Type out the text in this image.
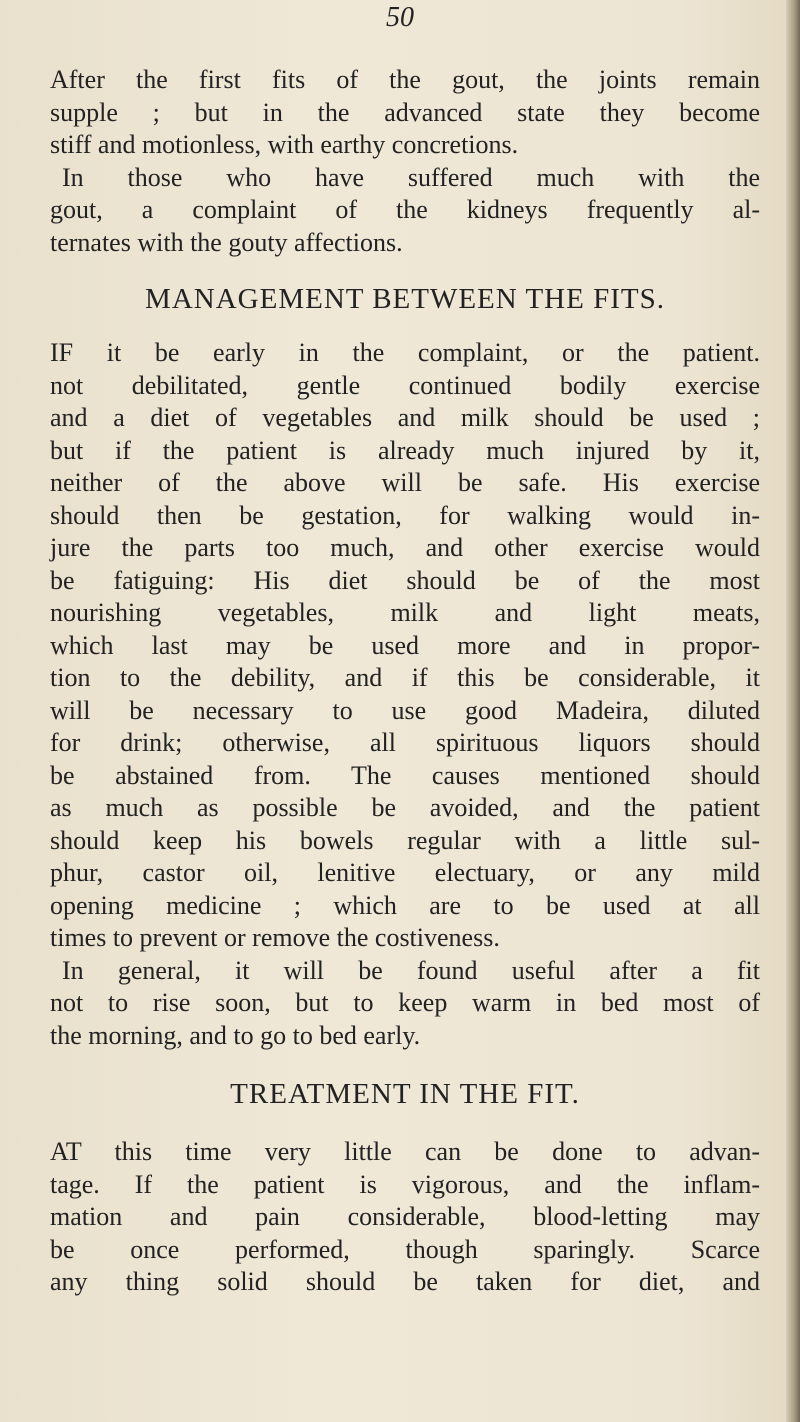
50
After the first fits of the gout, the joints remain
supple ; but in the advanced state they become
stiff and motionless, with earthy concretions.
In those who have suffered much with the
gout, a complaint of the kidneys frequently al-
ternates with the gouty affections.
MANAGEMENT BETWEEN THE FITS.
IF it be early in the complaint, or the patient.
not debilitated, gentle continued bodily exercise
and a diet of vegetables and milk should be used ;
but if the patient is already much injured by it,
neither of the above will be safe. His exercise
should then be gestation, for walking would in-
jure the parts too much, and other exercise would
be fatiguing: His diet should be of the most
nourishing vegetables, milk and light meats,
which last may be used more and in propor-
tion to the debility, and if this be considerable, it
will be necessary to use good Madeira, diluted
for drink; otherwise, all spirituous liquors should
be abstained from. The causes mentioned should
as much as possible be avoided, and the patient
should keep his bowels regular with a little sul-
phur, castor oil, lenitive electuary, or any mild
opening medicine ; which are to be used at all
times to prevent or remove the costiveness.
In general, it will be found useful after a fit
not to rise soon, but to keep warm in bed most of
the morning, and to go to bed early.
TREATMENT IN THE FIT.
AT this time very little can be done to advan-
tage. If the patient is vigorous, and the inflam-
mation and pain considerable, blood-letting may
be once performed, though sparingly. Scarce
any thing solid should be taken for diet, and
